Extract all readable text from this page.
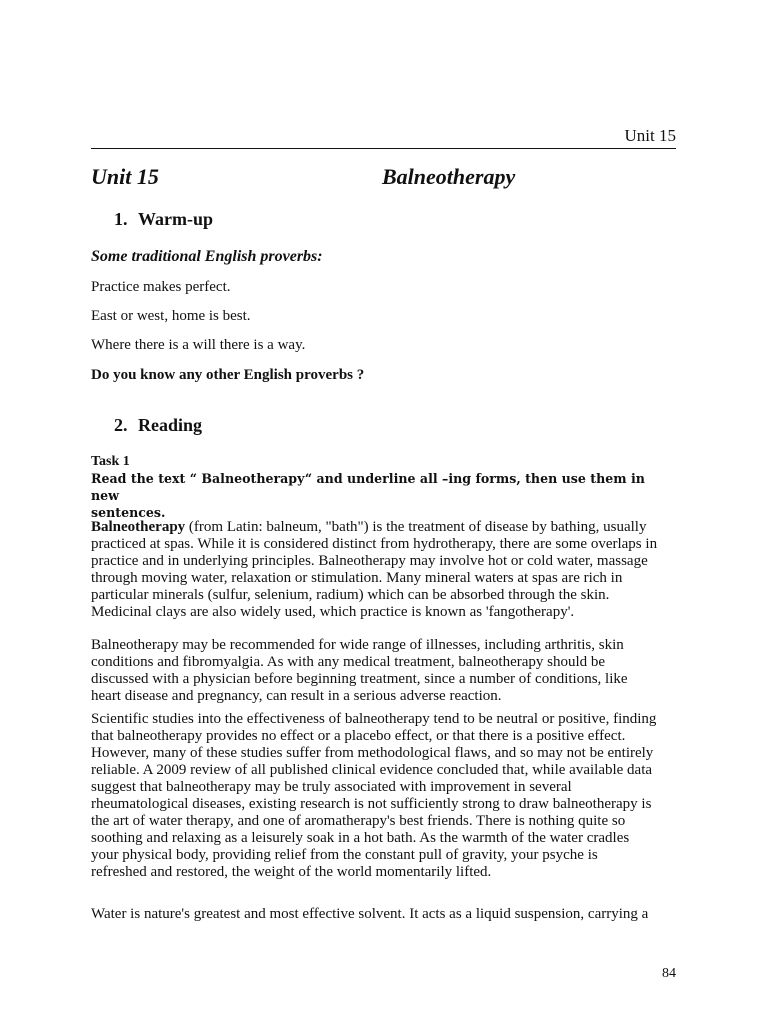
Unit 15
Unit 15	Balneotherapy
1. Warm-up
Some traditional English proverbs:
Practice makes perfect.
East or west, home is best.
Where there is a will there is a way.
Do you know any other English proverbs ?
2. Reading
Task 1
Read the text “ Balneotherapy“ and underline all –ing forms, then use them in new
sentences.
Balneotherapy (from Latin: balneum, "bath") is the treatment of disease by bathing, usually
practiced at spas. While it is considered distinct from hydrotherapy, there are some overlaps in
practice and in underlying principles. Balneotherapy may involve hot or cold water, massage
through moving water, relaxation or stimulation. Many mineral waters at spas are rich in
particular minerals (sulfur, selenium, radium) which can be absorbed through the skin.
Medicinal clays are also widely used, which practice is known as 'fangotherapy'.
Balneotherapy may be recommended for wide range of illnesses, including arthritis, skin
conditions and fibromyalgia. As with any medical treatment, balneotherapy should be
discussed with a physician before beginning treatment, since a number of conditions, like
heart disease and pregnancy, can result in a serious adverse reaction.
Scientific studies into the effectiveness of balneotherapy tend to be neutral or positive, finding
that balneotherapy provides no effect or a placebo effect, or that there is a positive effect.
However, many of these studies suffer from methodological flaws, and so may not be entirely
reliable. A 2009 review of all published clinical evidence concluded that, while available data
suggest that balneotherapy may be truly associated with improvement in several
rheumatological diseases, existing research is not sufficiently strong to draw balneotherapy is
the art of water therapy, and one of aromatherapy's best friends. There is nothing quite so
soothing and relaxing as a leisurely soak in a hot bath. As the warmth of the water cradles
your physical body, providing relief from the constant pull of gravity, your psyche is
refreshed and restored, the weight of the world momentarily lifted.
Water is nature's greatest and most effective solvent. It acts as a liquid suspension, carrying a
84
